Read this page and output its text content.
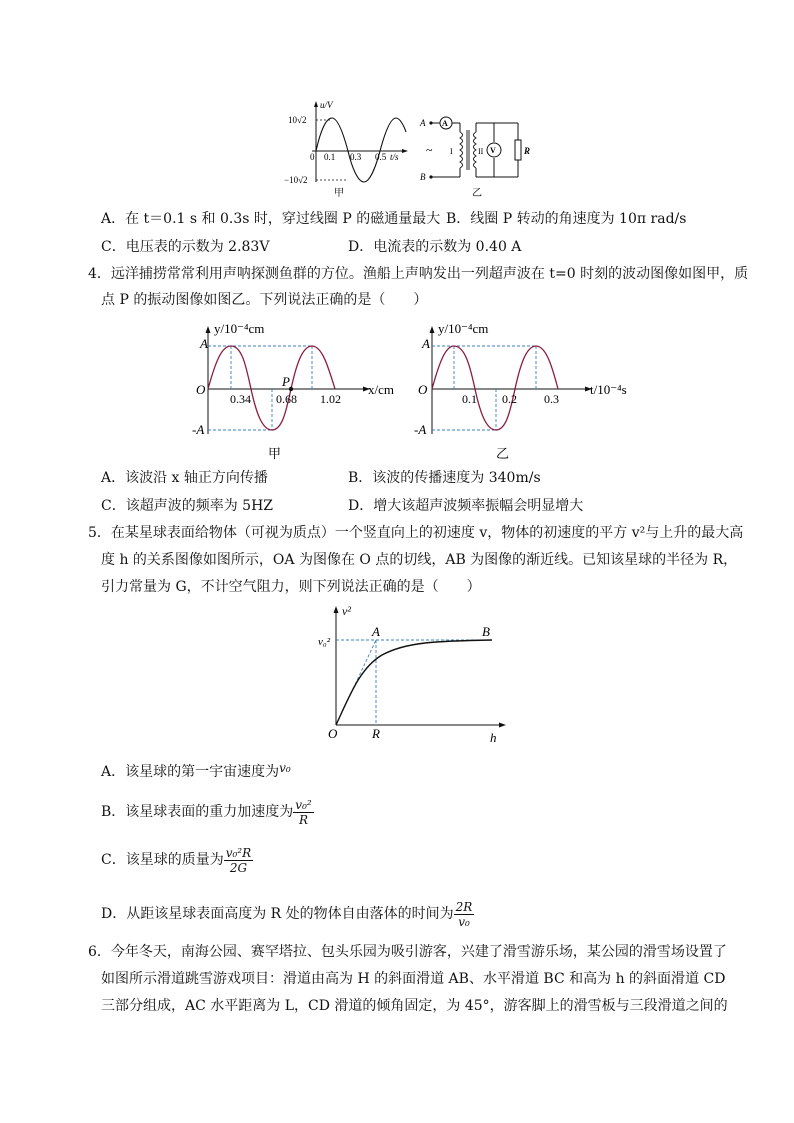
u/V
t/s
10√2
−10√2
0 0.1 0.3 0.5
甲
A
B
A
~ I	II V	R
乙
A．在 t＝0.1 s 和 0.3s 时，穿过线圈 P 的磁通量最大 B．线圈 P 转动的角速度为 10π rad/s
C．电压表的示数为 2.83V	D．电流表的示数为 0.40 A
4．远洋捕捞常常利用声呐探测鱼群的方位。渔船上声呐发出一列超声波在 t=0 时刻的波动图像如图甲，质
点 P 的振动图像如图乙。下列说法正确的是（　　）
A
-A
O
y/10⁻⁴cm
x/cm
P
0.34 0.68 1.02
甲
A
-A
O
y/10⁻⁴cm
t/10⁻⁴s
0.1 0.2 0.3
乙
A．该波沿 x 轴正方向传播	B．该波的传播速度为 340m/s
C．该超声波的频率为 5HZ	D．增大该超声波频率振幅会明显增大
5．在某星球表面给物体（可视为质点）一个竖直向上的初速度 v，物体的初速度的平方 v²与上升的最大高
度 h 的关系图像如图所示，OA 为图像在 O 点的切线，AB 为图像的渐近线。已知该星球的半径为 R，
引力常量为 G，不计空气阻力，则下列说法正确的是（　　）
v²
v₀²
A	B
O	R	h
A．该星球的第一宇宙速度为v₀
B．该星球表面的重力加速度为 $\frac{\text{v₀²}}{R}$
C．该星球的质量为 $\frac{\text{v₀²R}}{2G}$
D．从距该星球表面高度为 R 处的物体自由落体的时间为 $\frac{2R}{\text{v₀}}$
6．今年冬天，南海公园、赛罕塔拉、包头乐园为吸引游客，兴建了滑雪游乐场，某公园的滑雪场设置了
如图所示滑道跳雪游戏项目：滑道由高为 H 的斜面滑道 AB、水平滑道 BC 和高为 h 的斜面滑道 CD
三部分组成，AC 水平距离为 L，CD 滑道的倾角固定，为 45°，游客脚上的滑雪板与三段滑道之间的
